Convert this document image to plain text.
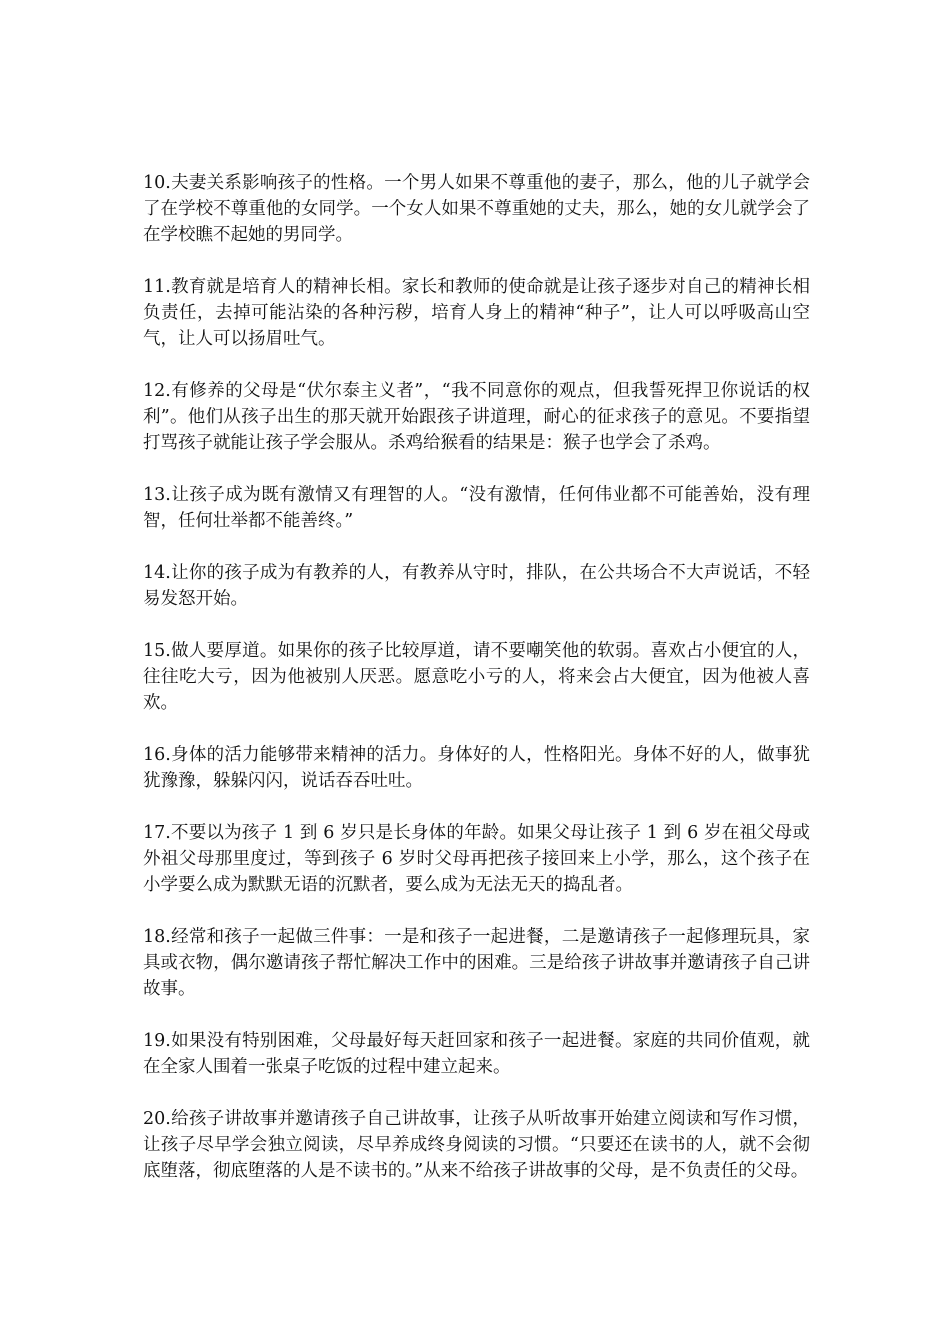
10.夫妻关系影响孩子的性格。一个男人如果不尊重他的妻子，那么，他的儿子就学会了在学校不尊重他的女同学。一个女人如果不尊重她的丈夫，那么，她的女儿就学会了在学校瞧不起她的男同学。

11.教育就是培育人的精神长相。家长和教师的使命就是让孩子逐步对自己的精神长相负责任，去掉可能沾染的各种污秽，培育人身上的精神“种子”，让人可以呼吸高山空气，让人可以扬眉吐气。

12.有修养的父母是“伏尔泰主义者”，“我不同意你的观点，但我誓死捍卫你说话的权利”。他们从孩子出生的那天就开始跟孩子讲道理，耐心的征求孩子的意见。不要指望打骂孩子就能让孩子学会服从。杀鸡给猴看的结果是：猴子也学会了杀鸡。

13.让孩子成为既有激情又有理智的人。“没有激情，任何伟业都不可能善始，没有理智，任何壮举都不能善终。”

14.让你的孩子成为有教养的人，有教养从守时，排队，在公共场合不大声说话，不轻易发怒开始。

15.做人要厚道。如果你的孩子比较厚道，请不要嘲笑他的软弱。喜欢占小便宜的人，往往吃大亏，因为他被别人厌恶。愿意吃小亏的人，将来会占大便宜，因为他被人喜欢。

16.身体的活力能够带来精神的活力。身体好的人，性格阳光。身体不好的人，做事犹犹豫豫，躲躲闪闪，说话吞吞吐吐。

17.不要以为孩子 1 到 6 岁只是长身体的年龄。如果父母让孩子 1 到 6 岁在祖父母或外祖父母那里度过，等到孩子 6 岁时父母再把孩子接回来上小学，那么，这个孩子在小学要么成为默默无语的沉默者，要么成为无法无天的捣乱者。

18.经常和孩子一起做三件事：一是和孩子一起进餐，二是邀请孩子一起修理玩具，家具或衣物，偶尔邀请孩子帮忙解决工作中的困难。三是给孩子讲故事并邀请孩子自己讲故事。

19.如果没有特别困难，父母最好每天赶回家和孩子一起进餐。家庭的共同价值观，就在全家人围着一张桌子吃饭的过程中建立起来。

20.给孩子讲故事并邀请孩子自己讲故事，让孩子从听故事开始建立阅读和写作习惯，让孩子尽早学会独立阅读，尽早养成终身阅读的习惯。“只要还在读书的人，就不会彻底堕落，彻底堕落的人是不读书的。”从来不给孩子讲故事的父母，是不负责任的父母。
